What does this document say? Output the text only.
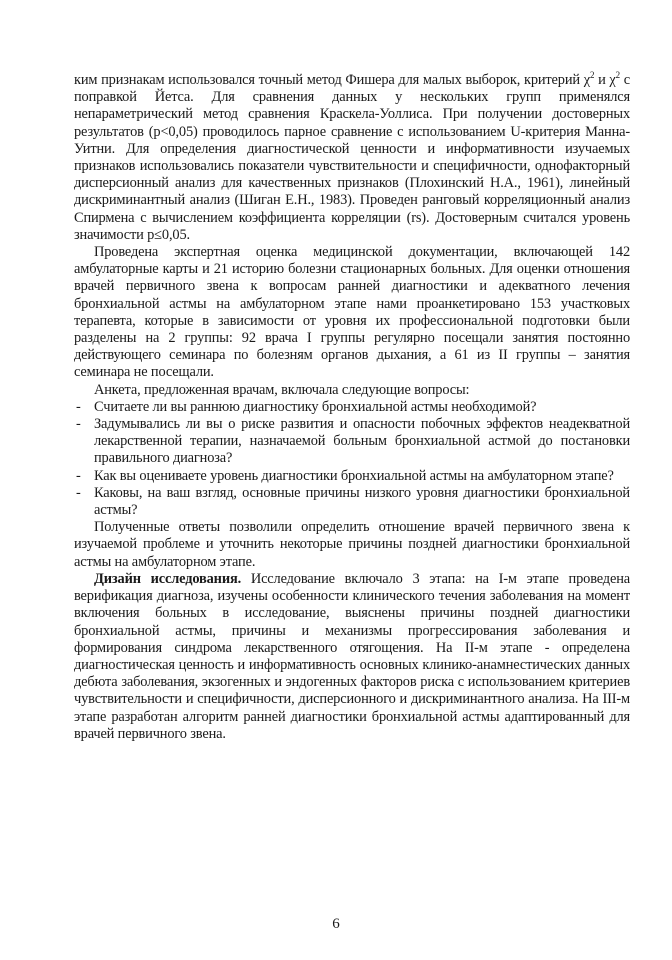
ким признакам использовался точный метод Фишера для малых выборок, критерий $\chi^2$ и $\chi^2$ с поправкой Йетса. Для сравнения данных у нескольких групп применялся непараметрический метод сравнения Краскела-Уоллиса. При получении достоверных результатов (p<0,05) проводилось парное сравнение с использованием U-критерия Манна-Уитни. Для определения диагностической ценности и информативности изучаемых признаков использовались показатели чувствительности и специфичности, однофакторный дисперсионный анализ для качественных признаков (Плохинский Н.А., 1961), линейный дискриминантный анализ (Шиган Е.Н., 1983). Проведен ранговый корреляционный анализ Спирмена с вычислением коэффициента корреляции (rs). Достоверным считался уровень значимости p≤0,05.

Проведена экспертная оценка медицинской документации, включающей 142 амбулаторные карты и 21 историю болезни стационарных больных. Для оценки отношения врачей первичного звена к вопросам ранней диагностики и адекватного лечения бронхиальной астмы на амбулаторном этапе нами проанкетировано 153 участковых терапевта, которые в зависимости от уровня их профессиональной подготовки были разделены на 2 группы: 92 врача I группы регулярно посещали занятия постоянно действующего семинара по болезням органов дыхания, а 61 из II группы – занятия семинара не посещали.

Анкета, предложенная врачам, включала следующие вопросы:

- Считаете ли вы раннюю диагностику бронхиальной астмы необходимой?
- Задумывались ли вы о риске развития и опасности побочных эффектов неадекватной лекарственной терапии, назначаемой больным бронхиальной астмой до постановки правильного диагноза?
- Как вы оцениваете уровень диагностики бронхиальной астмы на амбулаторном этапе?
- Каковы, на ваш взгляд, основные причины низкого уровня диагностики бронхиальной астмы?

Полученные ответы позволили определить отношение врачей первичного звена к изучаемой проблеме и уточнить некоторые причины поздней диагностики бронхиальной астмы на амбулаторном этапе.

Дизайн исследования. Исследование включало 3 этапа: на I-м этапе проведена верификация диагноза, изучены особенности клинического течения заболевания на момент включения больных в исследование, выяснены причины поздней диагностики бронхиальной астмы, причины и механизмы прогрессирования заболевания и формирования синдрома лекарственного отягощения. На II-м этапе - определена диагностическая ценность и информативность основных клинико-анамнестических данных дебюта заболевания, экзогенных и эндогенных факторов риска с использованием критериев чувствительности и специфичности, дисперсионного и дискриминантного анализа. На III-м этапе разработан алгоритм ранней диагностики бронхиальной астмы адаптированный для врачей первичного звена.

6
